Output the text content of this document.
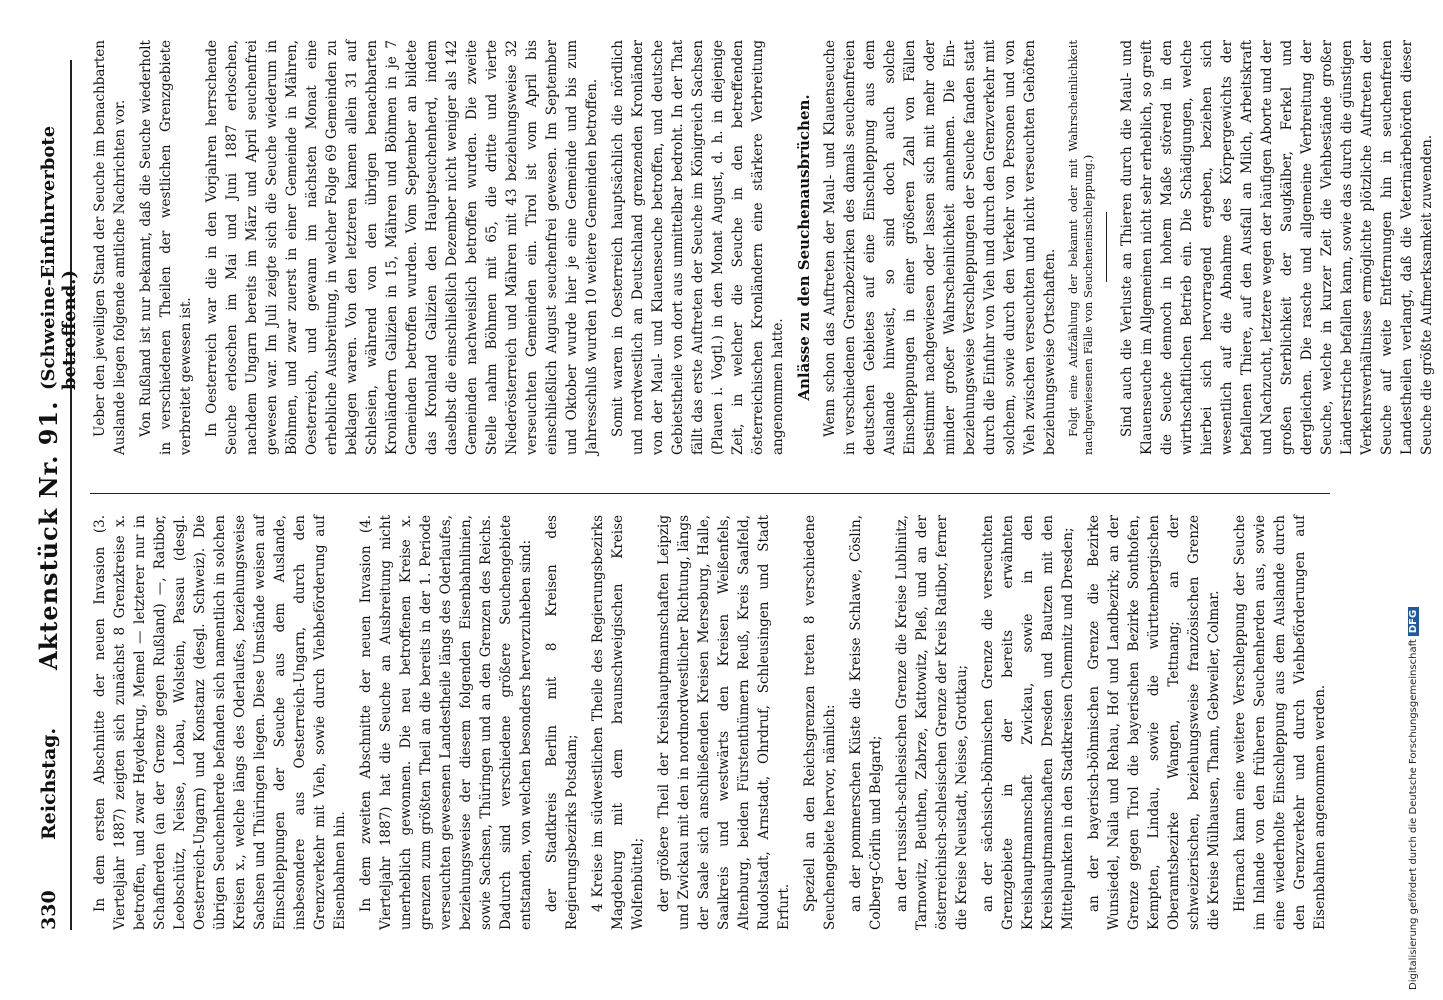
330
Reichstag.
Aktenstück Nr. 91.
(Schweine-Einfuhrverbote betreffend.)

In dem ersten Abschnitte der neuen Invasion (3. Vierteljahr 1887) zeigten sich zunächst 8 Grenzkreise x. betroffen, und zwar Heydekrug, Memel — letzterer nur in Schafherden (an der Grenze gegen Rußland) —, Ratibor, Leobschütz, Neisse, Lobau, Wolstein, Passau (desgl. Oesterreich-Ungarn) und Konstanz (desgl. Schweiz). Die übrigen Seuchenherde befanden sich namentlich in solchen Kreisen x., welche längs des Oderlaufes, beziehungsweise Sachsen und Thüringen liegen. Diese Umstände weisen auf Einschleppungen der Seuche aus dem Auslande, insbesondere aus Oesterreich-Ungarn, durch den Grenzverkehr mit Vieh, sowie durch Viehbeförderung auf Eisenbahnen hin. In dem zweiten Abschnitte der neuen Invasion (4. Vierteljahr 1887) hat die Seuche an Ausbreitung nicht unerheblich gewonnen. Die neu betroffenen Kreise x. grenzen zum größten Theil an die bereits in der 1. Periode verseuchten gewesenen Landestheile längs des Oderlaufes, beziehungsweise der diesem folgenden Eisenbahnlinien, sowie Sachsen, Thüringen und an den Grenzen des Reichs. Dadurch sind verschiedene größere Seuchengebiete entstanden, von welchen besonders hervorzuheben sind: der Stadtkreis Berlin mit 8 Kreisen des Regierungsbezirks Potsdam; 4 Kreise im südwestlichen Theile des Regierungsbezirks Magdeburg mit dem braunschweigischen Kreise Wolfenbüttel; der größere Theil der Kreishauptmannschaften Leipzig und Zwickau mit den in nordnordwestlicher Richtung, längs der Saale sich anschließenden Kreisen Merseburg, Halle, Saalkreis und westwärts den Kreisen Weißenfels, Altenburg, beiden Fürstenthümern Reuß, Kreis Saalfeld, Rudolstadt, Arnstadt, Ohrdruf, Schleusingen und Stadt Erfurt. Speziell an den Reichsgrenzen treten 8 verschiedene Seuchengebiete hervor, nämlich: an der pommerschen Küste die Kreise Schlawe, Cöslin, Colberg-Cörlin und Belgard; an der russisch-schlesischen Grenze die Kreise Lublinitz, Tarnowitz, Beuthen, Zabrze, Kattowitz, Pleß, und an der österreichisch-schlesischen Grenze der Kreis Ratibor, ferner die Kreise Neustadt, Neisse, Grottkau; an der sächsisch-böhmischen Grenze die verseuchten Grenzgebiete in der bereits erwähnten Kreishauptmannschaft Zwickau, sowie in den Kreishauptmannschaften Dresden und Bautzen mit den Mittelpunkten in den Stadtkreisen Chemnitz und Dresden; an der bayerisch-böhmischen Grenze die Bezirke Wunsiedel, Naila und Rehau, Hof und Landbezirk; an der Grenze gegen Tirol die bayerischen Bezirke Sonthofen, Kempten, Lindau, sowie die württembergischen Oberamtsbezirke Wangen, Tettnang; an der schweizerischen, beziehungsweise französischen Grenze die Kreise Mülhausen, Thann, Gebweiler, Colmar. Hiernach kann eine weitere Verschleppung der Seuche im Inlande von den früheren Seuchenherden aus, sowie eine wiederholte Einschleppung aus dem Auslande durch den Grenzverkehr und durch Viehbeförderungen auf Eisenbahnen angenommen werden.

Ueber den jeweiligen Stand der Seuche im benachbarten Auslande liegen folgende amtliche Nachrichten vor. Von Rußland ist nur bekannt, daß die Seuche wiederholt in verschiedenen Theilen der westlichen Grenzgebiete verbreitet gewesen ist. In Oesterreich war die in den Vorjahren herrschende Seuche erloschen im Mai und Juni 1887 erloschen, nachdem Ungarn bereits im März und April seuchenfrei gewesen war. Im Juli zeigte sich die Seuche wiederum in Böhmen, und zwar zuerst in einer Gemeinde in Mähren, Oesterreich, und gewann im nächsten Monat eine erhebliche Ausbreitung, in welcher Folge 69 Gemeinden zu beklagen waren. Von den letzteren kamen allein 31 auf Schlesien, während von den übrigen benachbarten Kronländern Galizien in 15, Mähren und Böhmen in je 7 Gemeinden betroffen wurden. Vom September an bildete das Kronland Galizien den Hauptseuchenherd, indem daselbst die einschließlich Dezember nicht weniger als 142 Gemeinden nachweislich betroffen wurden. Die zweite Stelle nahm Böhmen mit 65, die dritte und vierte Niederösterreich und Mähren mit 43 beziehungsweise 32 verseuchten Gemeinden ein. Tirol ist vom April bis einschließlich August seuchenfrei gewesen. Im September und Oktober wurde hier je eine Gemeinde und bis zum Jahresschluß wurden 10 weitere Gemeinden betroffen. Somit waren in Oesterreich hauptsächlich die nördlich und nordwestlich an Deutschland grenzenden Kronländer von der Maul- und Klauenseuche betroffen, und deutsche Gebietstheile von dort aus unmittelbar bedroht. In der That fällt das erste Auftreten der Seuche im Königreich Sachsen (Plauen i. Vogtl.) in den Monat August, d. h. in diejenige Zeit, in welcher die Seuche in den betreffenden österreichischen Kronländern eine stärkere Verbreitung angenommen hatte. Anlässe zu den Seuchenausbrüchen. Wenn schon das Auftreten der Maul- und Klauenseuche in verschiedenen Grenzbezirken des damals seuchenfreien deutschen Gebietes auf eine Einschleppung aus dem Auslande hinweist, so sind doch auch solche Einschleppungen in einer größeren Zahl von Fällen bestimmt nachgewiesen oder lassen sich mit mehr oder minder großer Wahrscheinlichkeit annehmen. Die Ein- beziehungsweise Verschleppungen der Seuche fanden statt durch die Einfuhr von Vieh und durch den Grenzverkehr mit solchem, sowie durch den Verkehr von Personen und von Vieh zwischen verseuchten und nicht verseuchten Gehöften beziehungsweise Ortschaften. Folgt eine Aufzählung der bekannt oder mit Wahrscheinlichkeit nachgewiesenen Fälle von Seucheneinschleppung.) Sind auch die Verluste an Thieren durch die Maul- und Klauenseuche im Allgemeinen nicht sehr erheblich, so greift die Seuche dennoch in hohem Maße störend in den wirthschaftlichen Betrieb ein. Die Schädigungen, welche hierbei sich hervorragend ergeben, beziehen sich wesentlich auf die Abnahme des Körpergewichts der befallenen Thiere, auf den Ausfall an Milch, Arbeitskraft und Nachzucht, letztere wegen der häufigen Aborte und der großen Sterblichkeit der Saugkälber, Ferkel und dergleichen. Die rasche und allgemeine Verbreitung der Seuche, welche in kurzer Zeit die Viehbestände großer Länderstriche befallen kann, sowie das durch die günstigen Verkehrsverhältnisse ermöglichte plötzliche Auftreten der Seuche auf weite Entfernungen hin in seuchenfreien Landestheilen verlangt, daß die Veterinärbehörden dieser Seuche die größte Aufmerksamkeit zuwenden.

Digitalisierung gefördert durch die Deutsche ForschungsgemeinschaftDFG
